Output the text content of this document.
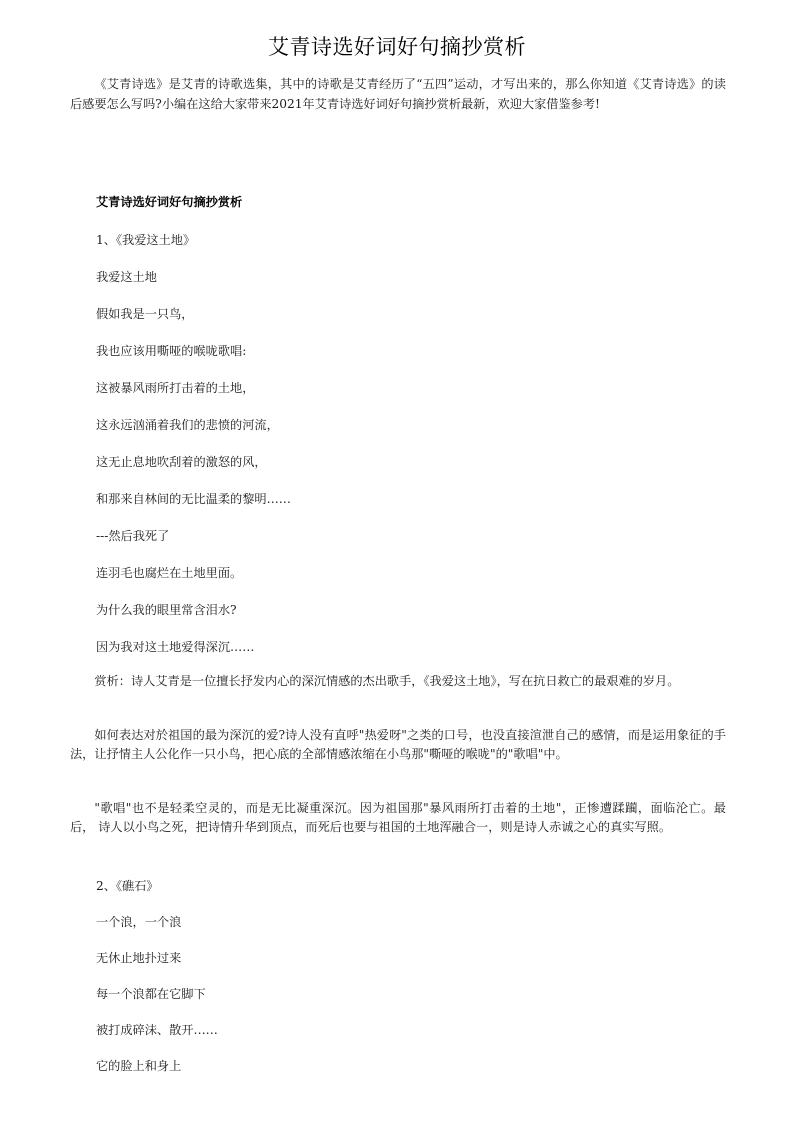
艾青诗选好词好句摘抄赏析
《艾青诗选》是艾青的诗歌选集，其中的诗歌是艾青经历了“五四”运动，才写出来的，那么你知道《艾青诗选》的读后感要怎么写吗?小编在这给大家带来2021年艾青诗选好词好句摘抄赏析最新，欢迎大家借鉴参考!
艾青诗选好词好句摘抄赏析
1、《我爱这土地》
我爱这土地
假如我是一只鸟，
我也应该用嘶哑的喉咙歌唱:
这被暴风雨所打击着的土地，
这永远汹涌着我们的悲愤的河流，
这无止息地吹刮着的激怒的风，
和那来自林间的无比温柔的黎明……
---然后我死了
连羽毛也腐烂在土地里面。
为什么我的眼里常含泪水?
因为我对这土地爱得深沉……
赏析：诗人艾青是一位擅长抒发内心的深沉情感的杰出歌手，《我爱这土地》，写在抗日救亡的最艰难的岁月。
如何表达对於祖国的最为深沉的爱?诗人没有直呼"热爱呀"之类的口号，也没直接渲泄自己的感情，而是运用象征的手法，让抒情主人公化作一只小鸟，把心底的全部情感浓缩在小鸟那"嘶哑的喉咙"的"歌唱"中。
"歌唱"也不是轻柔空灵的，而是无比凝重深沉。因为祖国那"暴风雨所打击着的土地"，正惨遭蹂躏，面临沦亡。最后， 诗人以小鸟之死，把诗情升华到顶点，而死后也要与祖国的土地浑融合一，则是诗人赤诚之心的真实写照。
2、《礁石》
一个浪，一个浪
无休止地扑过来
每一个浪都在它脚下
被打成碎沫、散开……
它的脸上和身上
